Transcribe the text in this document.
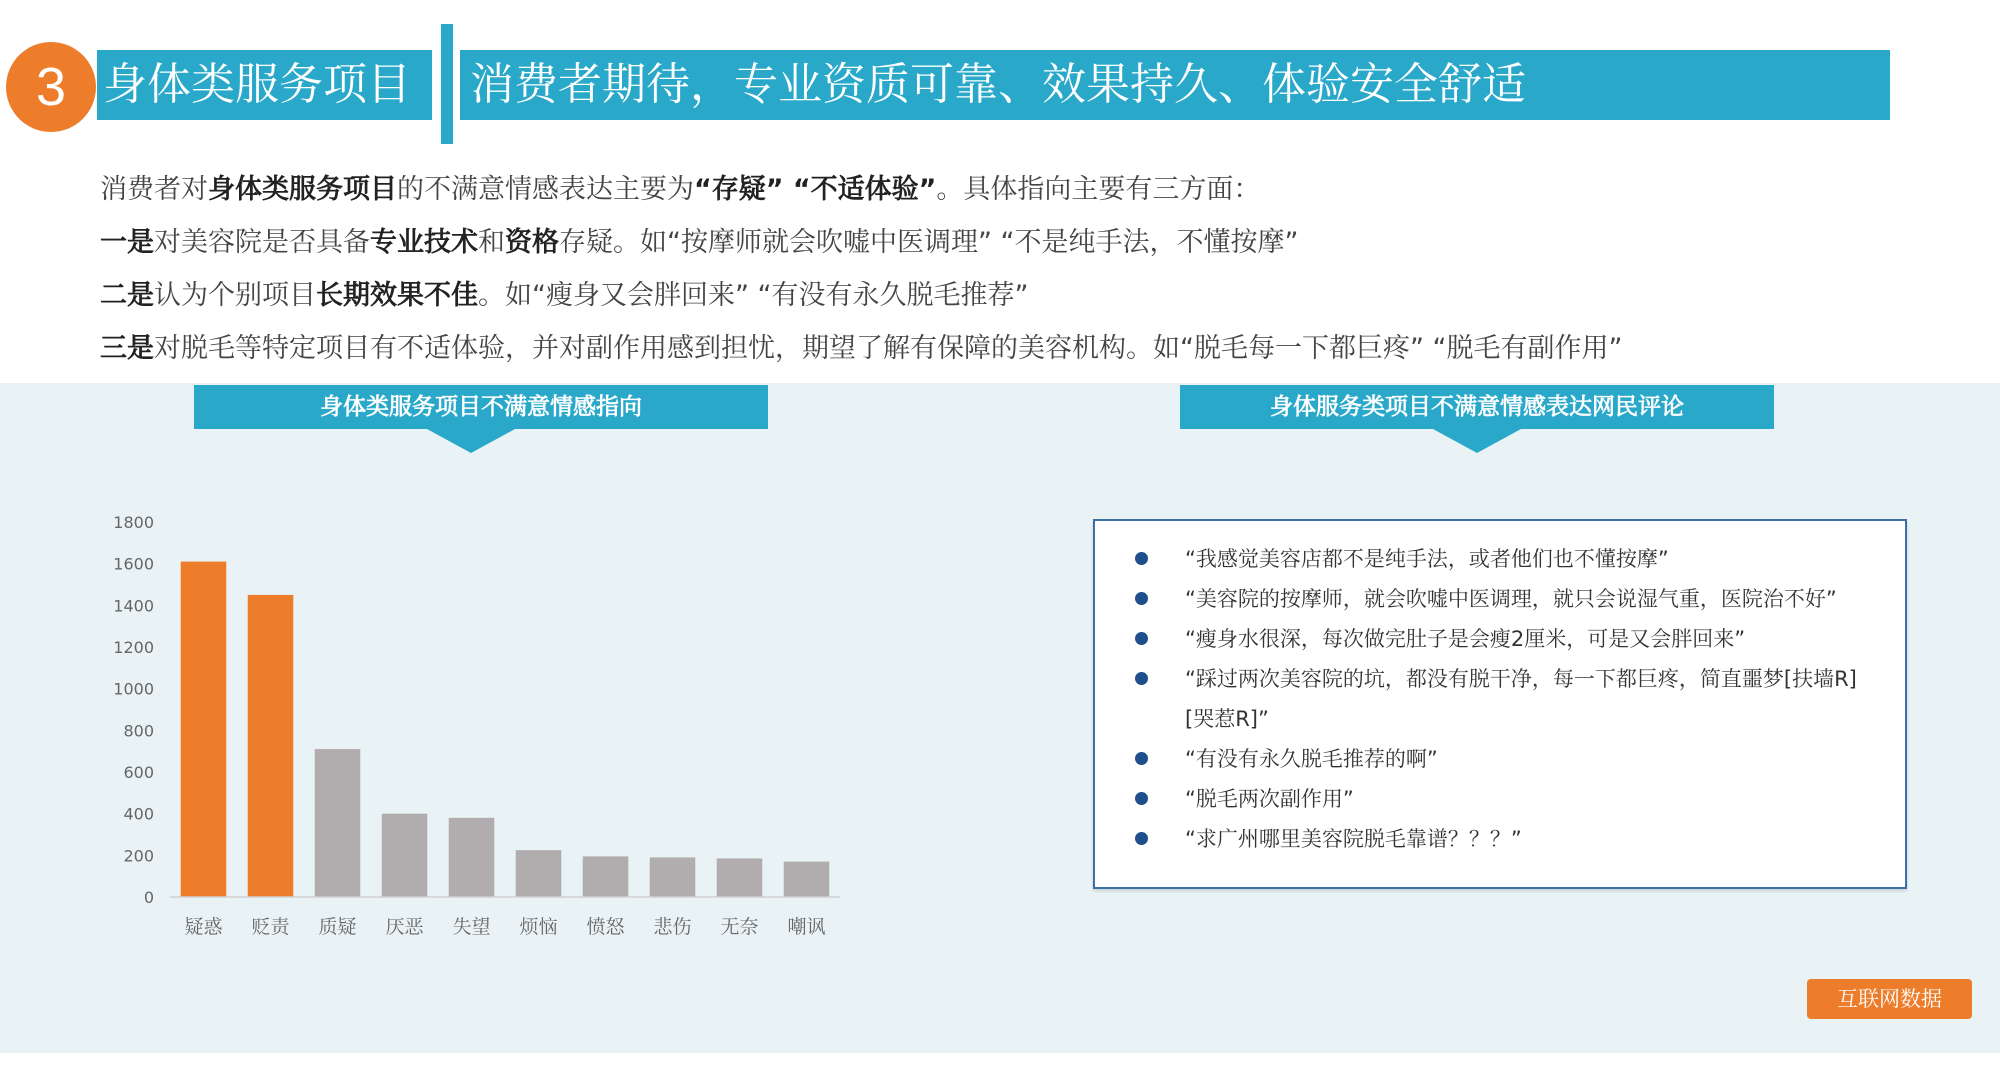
3 身体类服务项目 消费者期待，专业资质可靠、效果持久、体验安全舒适

消费者对身体类服务项目的不满意情感表达主要为“存疑” “不适体验”。具体指向主要有三方面：

一是对美容院是否具备专业技术和资格存疑。如“按摩师就会吹嘘中医调理” “不是纯手法，不懂按摩”

二是认为个别项目长期效果不佳。如“瘦身又会胖回来” “有没有永久脱毛推荐”

三是对脱毛等特定项目有不适体验，并对副作用感到担忧，期望了解有保障的美容机构。如“脱毛每一下都巨疼” “脱毛有副作用”

身体类服务项目不满意情感指向	身体服务类项目不满意情感表达网民评论
0
200
400
600
800
1000
1200
1400
1600
1800
疑惑 贬责 质疑 厌恶 失望 烦恼 愤怒 悲伤 无奈 嘲讽
“我感觉美容店都不是纯手法，或者他们也不懂按摩”
“美容院的按摩师，就会吹嘘中医调理，就只会说湿气重，医院治不好”
“瘦身水很深，每次做完肚子是会瘦2厘米，可是又会胖回来”
“踩过两次美容院的坑，都没有脱干净，每一下都巨疼，简直噩梦[扶墙R] [哭惹R]”
“有没有永久脱毛推荐的啊”
“脱毛两次副作用”
“求广州哪里美容院脱毛靠谱？？？”
互联网数据
